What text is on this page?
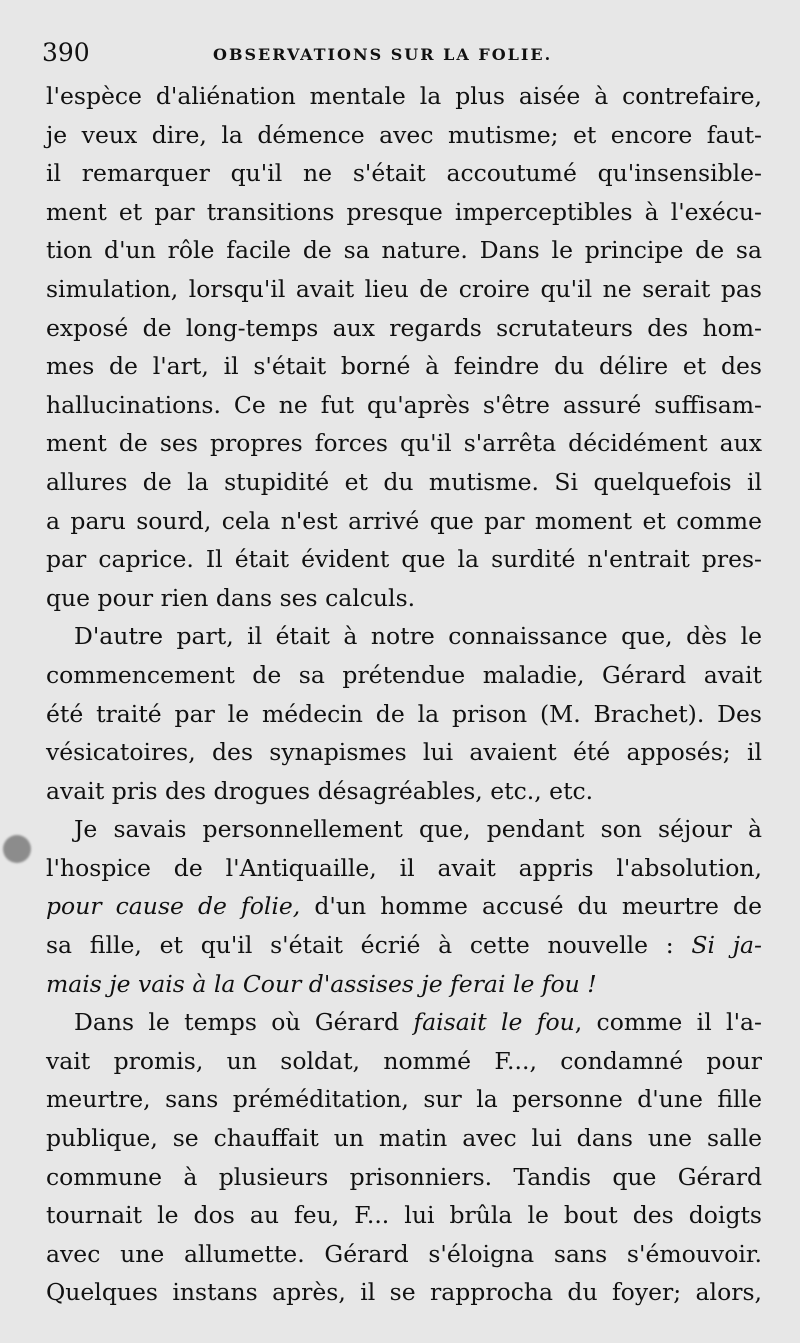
390	OBSERVATIONS SUR LA FOLIE.
l'espèce d'aliénation mentale la plus aisée à contrefaire,
je veux dire, la démence avec mutisme; et encore faut-
il remarquer qu'il ne s'était accoutumé qu'insensible-
ment et par transitions presque imperceptibles à l'exécu-
tion d'un rôle facile de sa nature. Dans le principe de sa
simulation, lorsqu'il avait lieu de croire qu'il ne serait pas
exposé de long-temps aux regards scrutateurs des hom-
mes de l'art, il s'était borné à feindre du délire et des
hallucinations. Ce ne fut qu'après s'être assuré suffisam-
ment de ses propres forces qu'il s'arrêta décidément aux
allures de la stupidité et du mutisme. Si quelquefois il
a paru sourd, cela n'est arrivé que par moment et comme
par caprice. Il était évident que la surdité n'entrait pres-
que pour rien dans ses calculs.
D'autre part, il était à notre connaissance que, dès le
commencement de sa prétendue maladie, Gérard avait
été traité par le médecin de la prison (M. Brachet). Des
vésicatoires, des synapismes lui avaient été apposés; il
avait pris des drogues désagréables, etc., etc.
Je savais personnellement que, pendant son séjour à
l'hospice de l'Antiquaille, il avait appris l'absolution,
pour cause de folie, d'un homme accusé du meurtre de
sa fille, et qu'il s'était écrié à cette nouvelle : Si ja-
mais je vais à la Cour d'assises je ferai le fou !
Dans le temps où Gérard faisait le fou, comme il l'a-
vait promis, un soldat, nommé F..., condamné pour
meurtre, sans préméditation, sur la personne d'une fille
publique, se chauffait un matin avec lui dans une salle
commune à plusieurs prisonniers. Tandis que Gérard
tournait le dos au feu, F... lui brûla le bout des doigts
avec une allumette. Gérard s'éloigna sans s'émouvoir.
Quelques instans après, il se rapprocha du foyer; alors,
